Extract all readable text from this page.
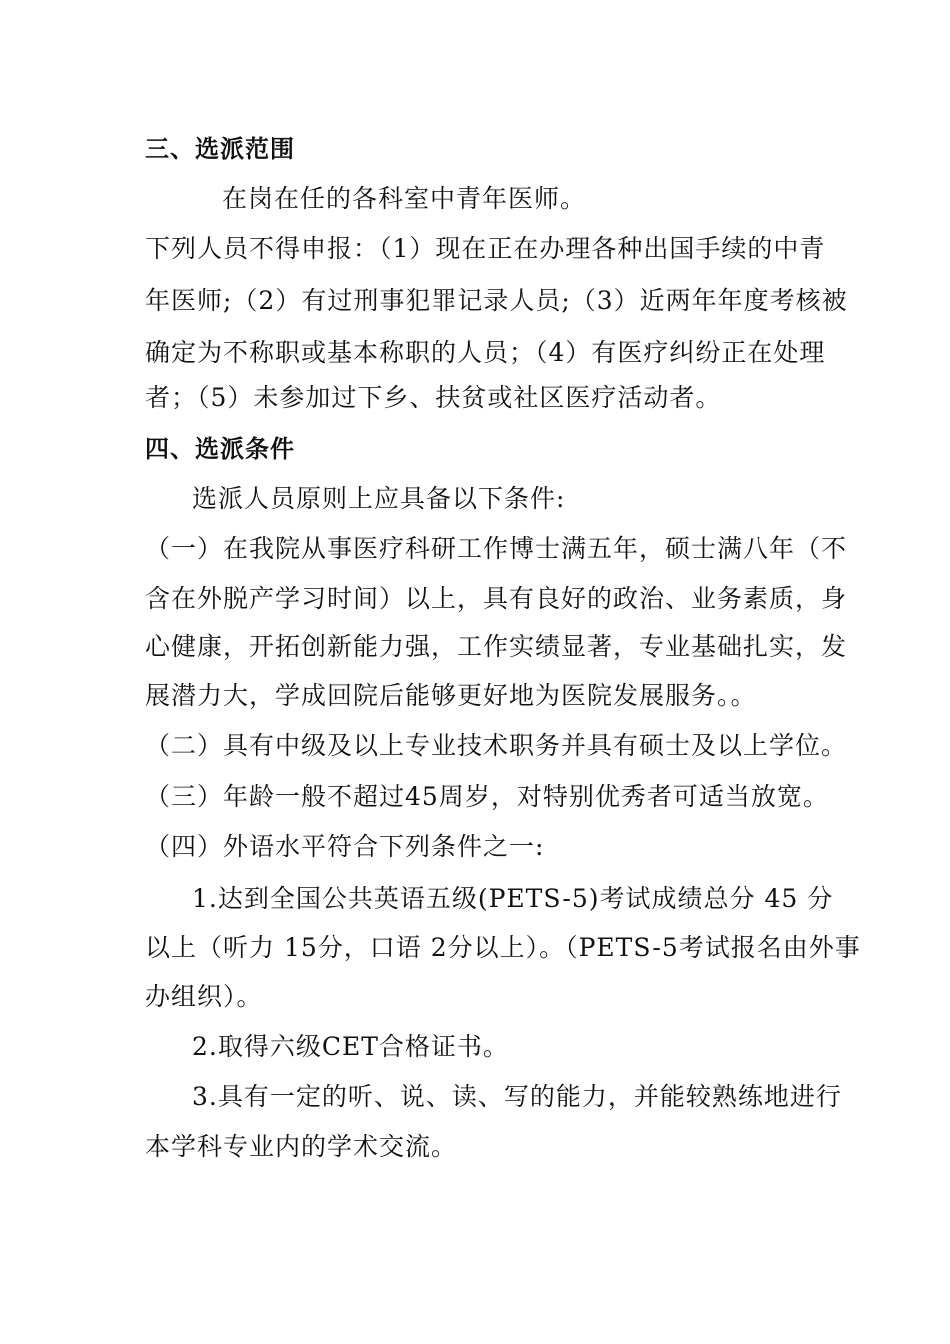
三、选派范围
在岗在任的各科室中青年医师。
下列人员不得申报：（1）现在正在办理各种出国手续的中青
年医师;（2）有过刑事犯罪记录人员;（3）近两年年度考核被
确定为不称职或基本称职的人员；（4）有医疗纠纷正在处理
者；（5）未参加过下乡、扶贫或社区医疗活动者。
四、选派条件
选派人员原则上应具备以下条件:
（一）在我院从事医疗科研工作博士满五年，硕士满八年（不
含在外脱产学习时间）以上，具有良好的政治、业务素质，身
心健康，开拓创新能力强，工作实绩显著，专业基础扎实，发
展潜力大，学成回院后能够更好地为医院发展服务。。
（二）具有中级及以上专业技术职务并具有硕士及以上学位。
（三）年龄一般不超过45周岁，对特别优秀者可适当放宽。
（四）外语水平符合下列条件之一:
1.达到全国公共英语五级(PETS-5)考试成绩总分 45 分
以上（听力 15分，口语 2分以上）。（PETS-5考试报名由外事
办组织）。
2.取得六级CET合格证书。
3.具有一定的听、说、读、写的能力，并能较熟练地进行
本学科专业内的学术交流。
